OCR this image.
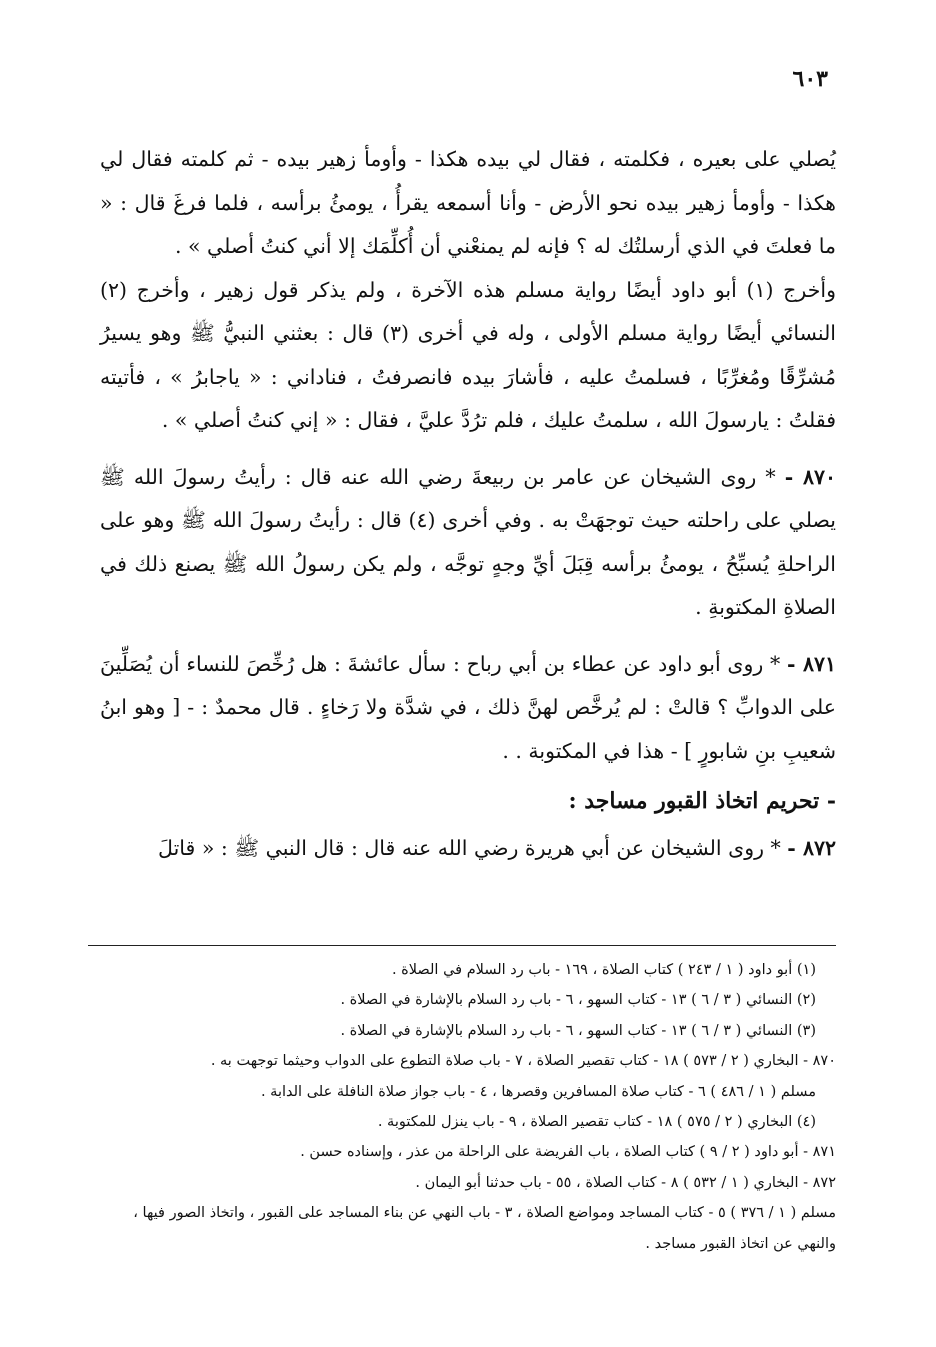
٦٠٣

يُصلي على بعيره ، فكلمته ، فقال لي بيده هكذا - وأومأ زهير بيده - ثم كلمته فقال لي هكذا - وأومأ زهير بيده نحو الأرض - وأنا أسمعه يقرأُ ، يومئُ برأسه ، فلما فرغَ قال : « ما فعلتَ في الذي أرسلتُك له ؟ فإنه لم يمنعْني أن أُكلِّمَك إلا أني كنتُ أصلي » .

وأخرج (١) أبو داود أيضًا رواية مسلم هذه الآخرة ، ولم يذكر قول زهير ، وأخرج (٢) النسائي أيضًا رواية مسلم الأولى ، وله في أخرى (٣) قال : بعثني النبيُّ ﷺ وهو يسيرُ مُشرِّقًا ومُغرِّبًا ، فسلمتُ عليه ، فأشارَ بيده فانصرفتُ ، فناداني : « ياجابرُ » ، فأتيته فقلتُ : يارسولَ الله ، سلمتُ عليك ، فلم ترُدَّ عليَّ ، فقال : « إني كنتُ أصلي » .

٨٧٠ - * روى الشيخان عن عامر بن ربيعةَ رضي الله عنه قال : رأيتُ رسولَ الله ﷺ يصلي على راحلته حيث توجهَتْ به . وفي أخرى (٤) قال : رأيتُ رسولَ الله ﷺ وهو على الراحلةِ يُسبِّحُ ، يومئُ برأسه قِبَلَ أيِّ وجهٍ توجَّه ، ولم يكن رسولُ الله ﷺ يصنع ذلك في الصلاةِ المكتوبةِ .

٨٧١ - * روى أبو داود عن عطاء بن أبي رباح : سأل عائشةَ : هل رُخِّصَ للنساء أن يُصَلِّينَ على الدوابِّ ؟ قالتْ : لم يُرخَّص لهنَّ ذلك ، في شدَّة ولا رَخاءٍ . قال محمدٌ : - [ وهو ابنُ شعيبِ بنِ شابورٍ ] - هذا في المكتوبة . .

- تحريم اتخاذ القبور مساجد :

٨٧٢ - * روى الشيخان عن أبي هريرة رضي الله عنه قال : قال النبي ﷺ : « قاتلَ

(١) أبو داود ( ١ / ٢٤٣ ) كتاب الصلاة ، ١٦٩ - باب رد السلام في الصلاة .

(٢) النسائي ( ٣ / ٦ ) ١٣ - كتاب السهو ، ٦ - باب رد السلام بالإشارة في الصلاة .

(٣) النسائي ( ٣ / ٦ ) ١٣ - كتاب السهو ، ٦ - باب رد السلام بالإشارة في الصلاة .

٨٧٠ - البخاري ( ٢ / ٥٧٣ ) ١٨ - كتاب تقصير الصلاة ، ٧ - باب صلاة التطوع على الدواب وحيثما توجهت به .

مسلم ( ١ / ٤٨٦ ) ٦ - كتاب صلاة المسافرين وقصرها ، ٤ - باب جواز صلاة النافلة على الدابة .

(٤) البخاري ( ٢ / ٥٧٥ ) ١٨ - كتاب تقصير الصلاة ، ٩ - باب ينزل للمكتوبة .

٨٧١ - أبو داود ( ٢ / ٩ ) كتاب الصلاة ، باب الفريضة على الراحلة من عذر ، وإسناده حسن .

٨٧٢ - البخاري ( ١ / ٥٣٢ ) ٨ - كتاب الصلاة ، ٥٥ - باب حدثنا أبو اليمان .

مسلم ( ١ / ٣٧٦ ) ٥ - كتاب المساجد ومواضع الصلاة ، ٣ - باب النهي عن بناء المساجد على القبور ، واتخاذ الصور فيها ، والنهي عن اتخاذ القبور مساجد .
